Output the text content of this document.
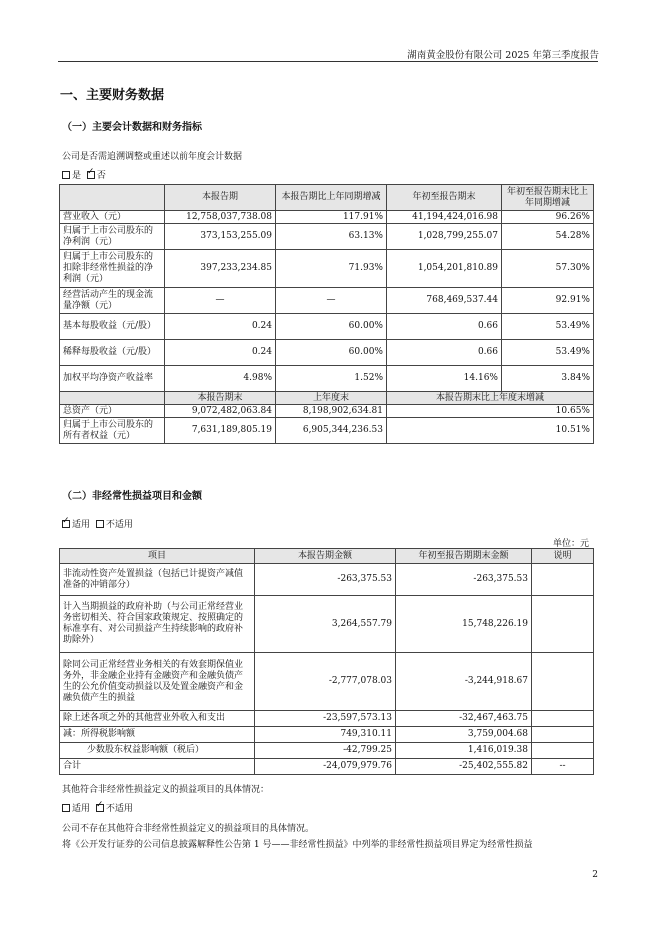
湖南黄金股份有限公司 2025 年第三季度报告
一、主要财务数据
（一）主要会计数据和财务指标
公司是否需追溯调整或重述以前年度会计数据
是 ✓ 否
	本报告期	本报告期比上年同期增减	年初至报告期末	年初至报告期末比上年同期增减
营业收入（元）	12,758,037,738.08	117.91%	41,194,424,016.98	96.26%
归属于上市公司股东的净利润（元）	373,153,255.09	63.13%	1,028,799,255.07	54.28%
归属于上市公司股东的扣除非经常性损益的净利润（元）	397,233,234.85	71.93%	1,054,201,810.89	57.30%
经营活动产生的现金流量净额（元）	—	—	768,469,537.44	92.91%
基本每股收益（元/股）	0.24	60.00%	0.66	53.49%
稀释每股收益（元/股）	0.24	60.00%	0.66	53.49%
加权平均净资产收益率	4.98%	1.52%	14.16%	3.84%
	本报告期末	上年度末	本报告期末比上年度末增减	
总资产（元）	9,072,482,063.84	8,198,902,634.81	10.65%	
归属于上市公司股东的所有者权益（元）	7,631,189,805.19	6,905,344,236.53	10.51%	
（二）非经常性损益项目和金额
✓适用 不适用
单位：元
项目	本报告期金额	年初至报告期期末金额	说明
非流动性资产处置损益（包括已计提资产减值准备的冲销部分）	-263,375.53	-263,375.53	
计入当期损益的政府补助（与公司正常经营业务密切相关、符合国家政策规定、按照确定的标准享有、对公司损益产生持续影响的政府补助除外）	3,264,557.79	15,748,226.19	
除同公司正常经营业务相关的有效套期保值业务外，非金融企业持有金融资产和金融负债产生的公允价值变动损益以及处置金融资产和金融负债产生的损益	-2,777,078.03	-3,244,918.67	
除上述各项之外的其他营业外收入和支出	-23,597,573.13	-32,467,463.75	
减：所得税影响额	749,310.11	3,759,004.68	
少数股东权益影响额（税后）	-42,799.25	1,416,019.38	
合计	-24,079,979.76	-25,402,555.82	--
其他符合非经常性损益定义的损益项目的具体情况：
适用 ✓ 不适用
公司不存在其他符合非经常性损益定义的损益项目的具体情况。
将《公开发行证券的公司信息披露解释性公告第 1 号——非经常性损益》中列举的非经常性损益项目界定为经常性损益
2
